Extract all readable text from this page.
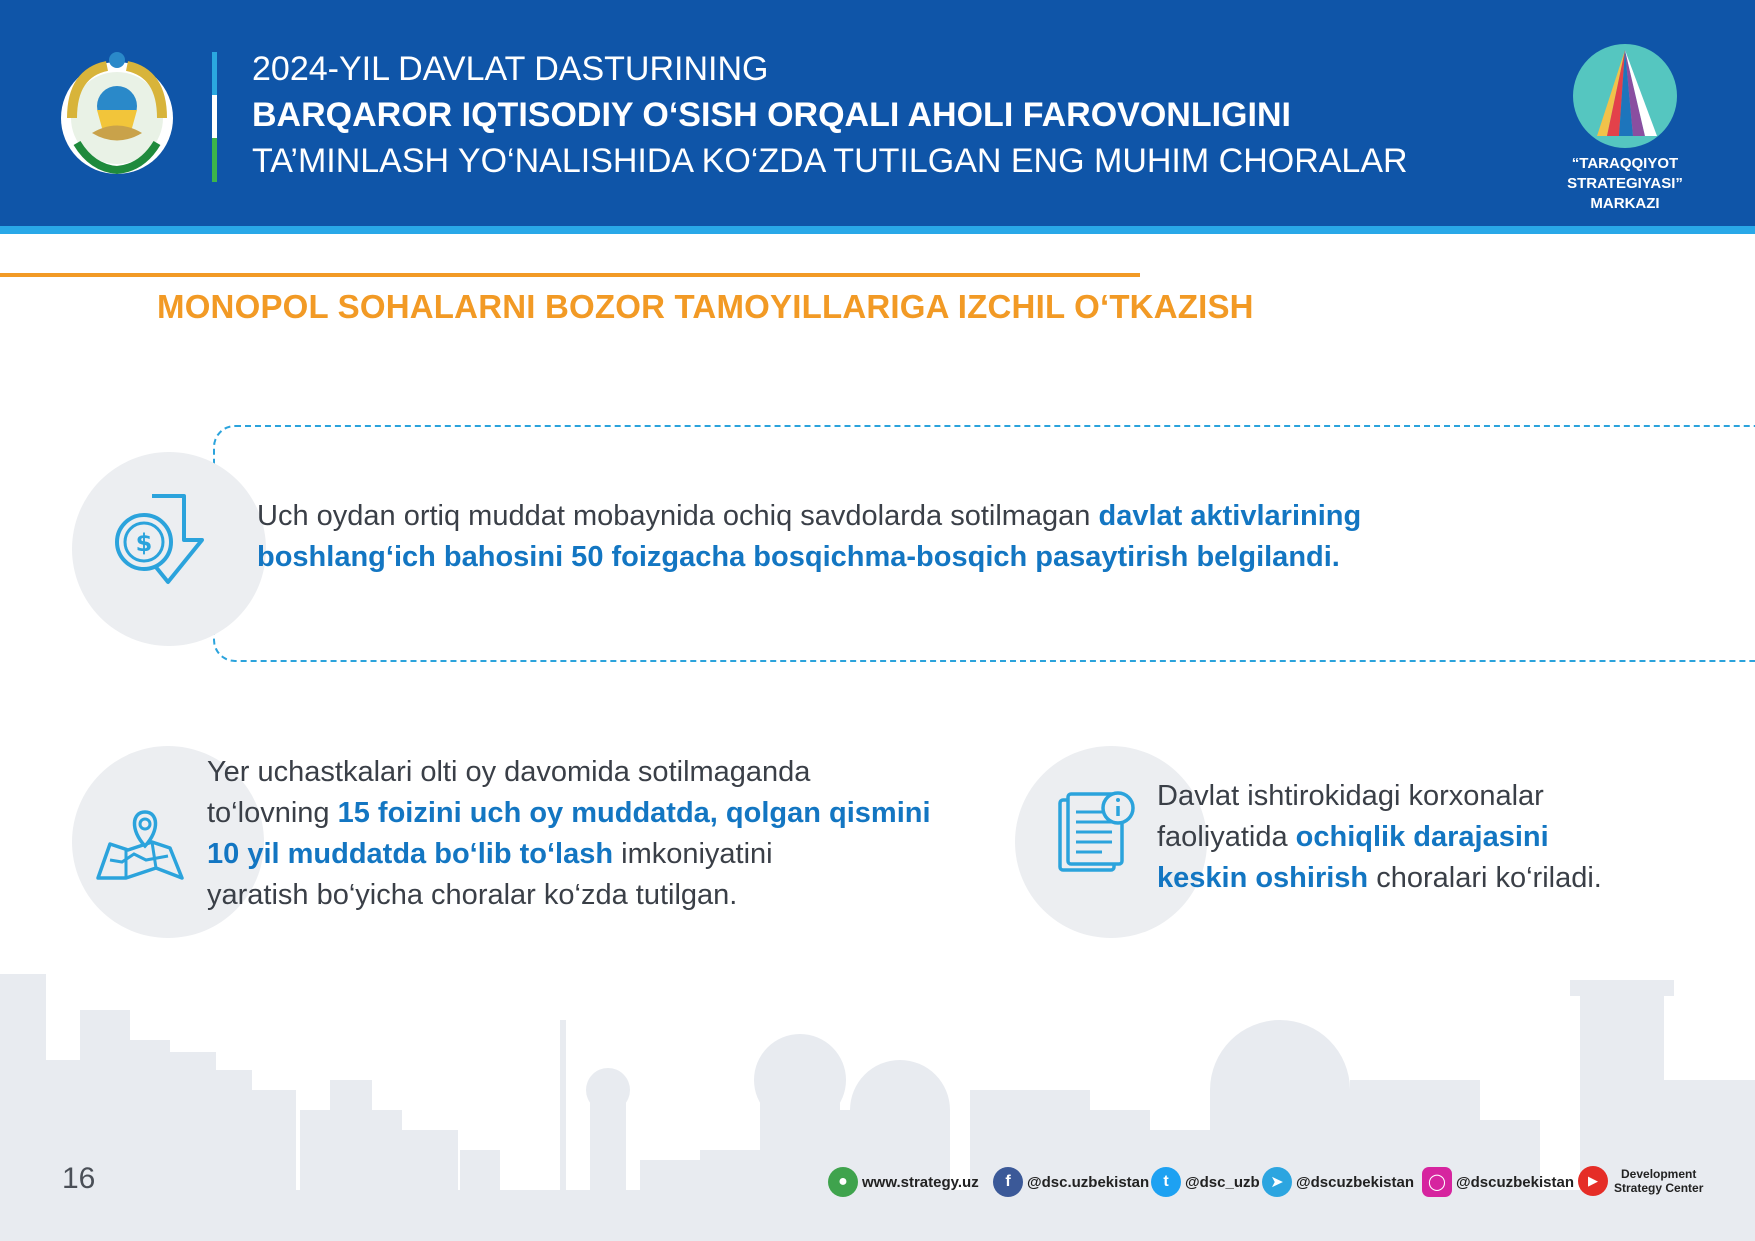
2024-YIL DAVLAT DASTURINING
BARQAROR IQTISODIY O‘SISH ORQALI AHOLI FAROVONLIGINI
TA’MINLASH YO‘NALISHIDA KO‘ZDA TUTILGAN ENG MUHIM CHORALAR	“TARAQQIYOT STRATEGIYASI”
MARKAZI
MONOPOL SOHALARNI BOZOR TAMOYILLARIGA IZCHIL O‘TKAZISH
$
Uch oydan ortiq muddat mobaynida ochiq savdolarda sotilmagan davlat aktivlarining
boshlang‘ich bahosini 50 foizgacha bosqichma-bosqich pasaytirish belgilandi.
Yer uchastkalari olti oy davomida sotilmaganda
to‘lovning 15 foizini uch oy muddatda, qolgan qismini
10 yil muddatda bo‘lib to‘lash imkoniyatini
yaratish bo‘yicha choralar ko‘zda tutilgan.
Davlat ishtirokidagi korxonalar
faoliyatida ochiqlik darajasini
keskin oshirish choralari ko‘riladi.
16	● www.strategy.uz	f	@dsc.uzbekistan t	@dsc_uzb ➤ @dscuzbekistan ◯ @dscuzbekistan	▶	Development
Strategy Center
